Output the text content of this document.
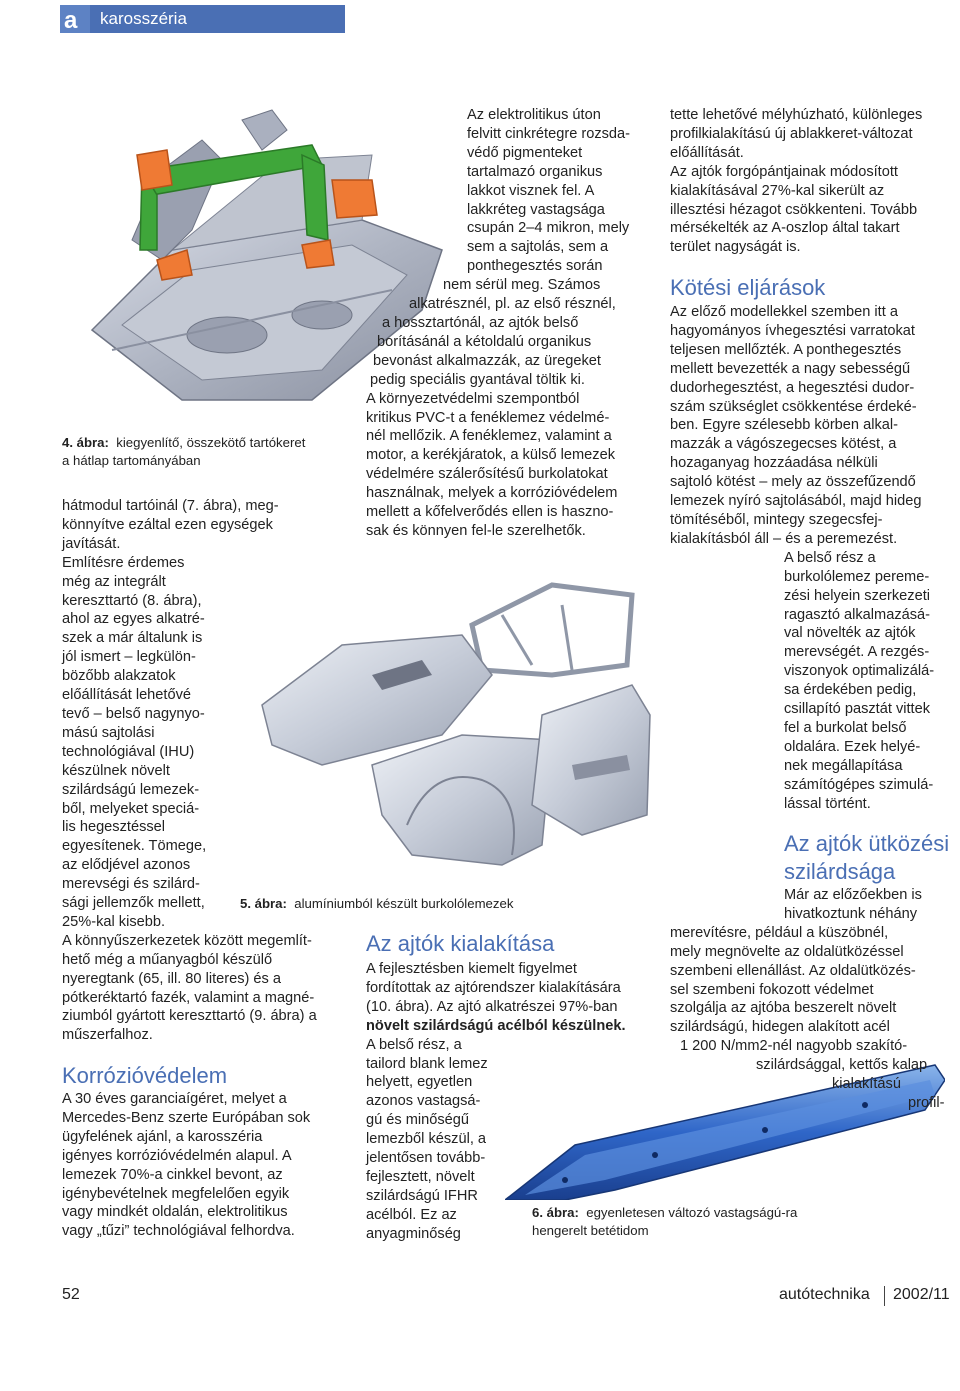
a karosszéria
4. ábra: kiegyenlítő, összekötő tartókeret a hátlap tartományában
hátmodul tartóinál (7. ábra), meg-
könnyítve ezáltal ezen egységek
javítását.
Említésre érdemes
még az integrált
kereszttartó (8. ábra),
ahol az egyes alkatré-
szek a már általunk is
jól ismert – legkülön-
bözőbb alakzatok
előállítását lehetővé
tevő – belső nagynyo-
mású sajtolási
technológiával (IHU)
készülnek növelt
szilárdságú lemezek-
ből, melyeket speciá-
lis hegesztéssel
egyesítenek. Tömege,
az elődjével azonos
merevségi és szilárd-
sági jellemzők mellett,
25%-kal kisebb.
A könnyűszerkezetek között megemlít-
hető még a műanyagból készülő
nyeregtank (65, ill. 80 literes) és a
pótkeréktartó fazék, valamint a magné-
ziumból gyártott kereszttartó (9. ábra) a
műszerfalhoz.
Korrózióvédelem
A 30 éves garanciaígéret, melyet a
Mercedes-Benz szerte Európában sok
ügyfelének ajánl, a karosszéria
igényes korrózióvédelmén alapul. A
lemezek 70%-a cinkkel bevont, az
igénybevételnek megfelelően egyik
vagy mindkét oldalán, elektrolitikus
vagy „tűzi” technológiával felhordva.
Az elektrolitikus úton
felvitt cinkrétegre rozsda-
védő pigmenteket
tartalmazó organikus
lakkot visznek fel. A
lakkréteg vastagsága
csupán 2–4 mikron, mely
sem a sajtolás, sem a
ponthegesztés során
nem sérül meg. Számos
alkatrésznél, pl. az első résznél,
a hossztartónál, az ajtók belső
borításánál a kétoldalú organikus
bevonást alkalmazzák, az üregeket
pedig speciális gyantával töltik ki.
A környezetvédelmi szempontból
kritikus PVC-t a fenéklemez védelmé-
nél mellőzik. A fenéklemez, valamint a
motor, a kerékjáratok, a külső lemezek
védelmére szálerősítésű burkolatokat
használnak, melyek a korrózióvédelem
mellett a kőfelverődés ellen is haszno-
sak és könnyen fel-le szerelhetők.
5. ábra: alumíniumból készült burkolólemezek
Az ajtók kialakítása
A fejlesztésben kiemelt figyelmet
fordítottak az ajtórendszer kialakítására
(10. ábra). Az ajtó alkatrészei 97%-ban
növelt szilárdságú acélból készülnek.
A belső rész, a
tailord blank lemez
helyett, egyetlen
azonos vastagsá-
gú és minőségű
lemezből készül, a
jelentősen tovább-
fejlesztett, növelt
szilárdságú IFHR
acélból. Ez az
anyagminőség
6. ábra: egyenletesen változó vastagságú-ra hengerelt betétidom
tette lehetővé mélyhúzható, különleges
profilkialakítású új ablakkeret-változat
előállítását.
Az ajtók forgópántjainak módosított
kialakításával 27%-kal sikerült az
illesztési hézagot csökkenteni. Tovább
mérsékelték az A-oszlop által takart
terület nagyságát is.
Kötési eljárások
Az előző modellekkel szemben itt a
hagyományos ívhegesztési varratokat
teljesen mellőzték. A ponthegesztés
mellett bevezették a nagy sebességű
dudorhegesztést, a hegesztési dudor-
szám szükséglet csökkentése érdeké-
ben. Egyre szélesebb körben alkal-
mazzák a vágószegecses kötést, a
hozaganyag hozzáadása nélküli
sajtoló kötést – mely az összefűzendő
lemezek nyíró sajtolásából, majd hideg
tömítéséből, mintegy szegecsfej-
kialakításból áll – és a peremezést.
A belső rész a
burkolólemez pereme-
zési helyein szerkezeti
ragasztó alkalmazásá-
val növelték az ajtók
merevségét. A rezgés-
viszonyok optimalizálá-
sa érdekében pedig,
csillapító pasztát vittek
fel a burkolat belső
oldalára. Ezek helyé-
nek megállapítása
számítógépes szimulá-
lással történt.
Az ajtók ütközési
szilárdsága
Már az előzőekben is
hivatkoztunk néhány
merevítésre, például a küszöbnél,
mely megnövelte az oldalütközéssel
szembeni ellenállást. Az oldalütközés-
sel szembeni fokozott védelmet
szolgálja az ajtóba beszerelt növelt
szilárdságú, hidegen alakított acél
1 200 N/mm2-nél nagyobb szakító-
szilárdsággal, kettős kalap
kialakítású
profil-
52	autótechnika 2002/11
